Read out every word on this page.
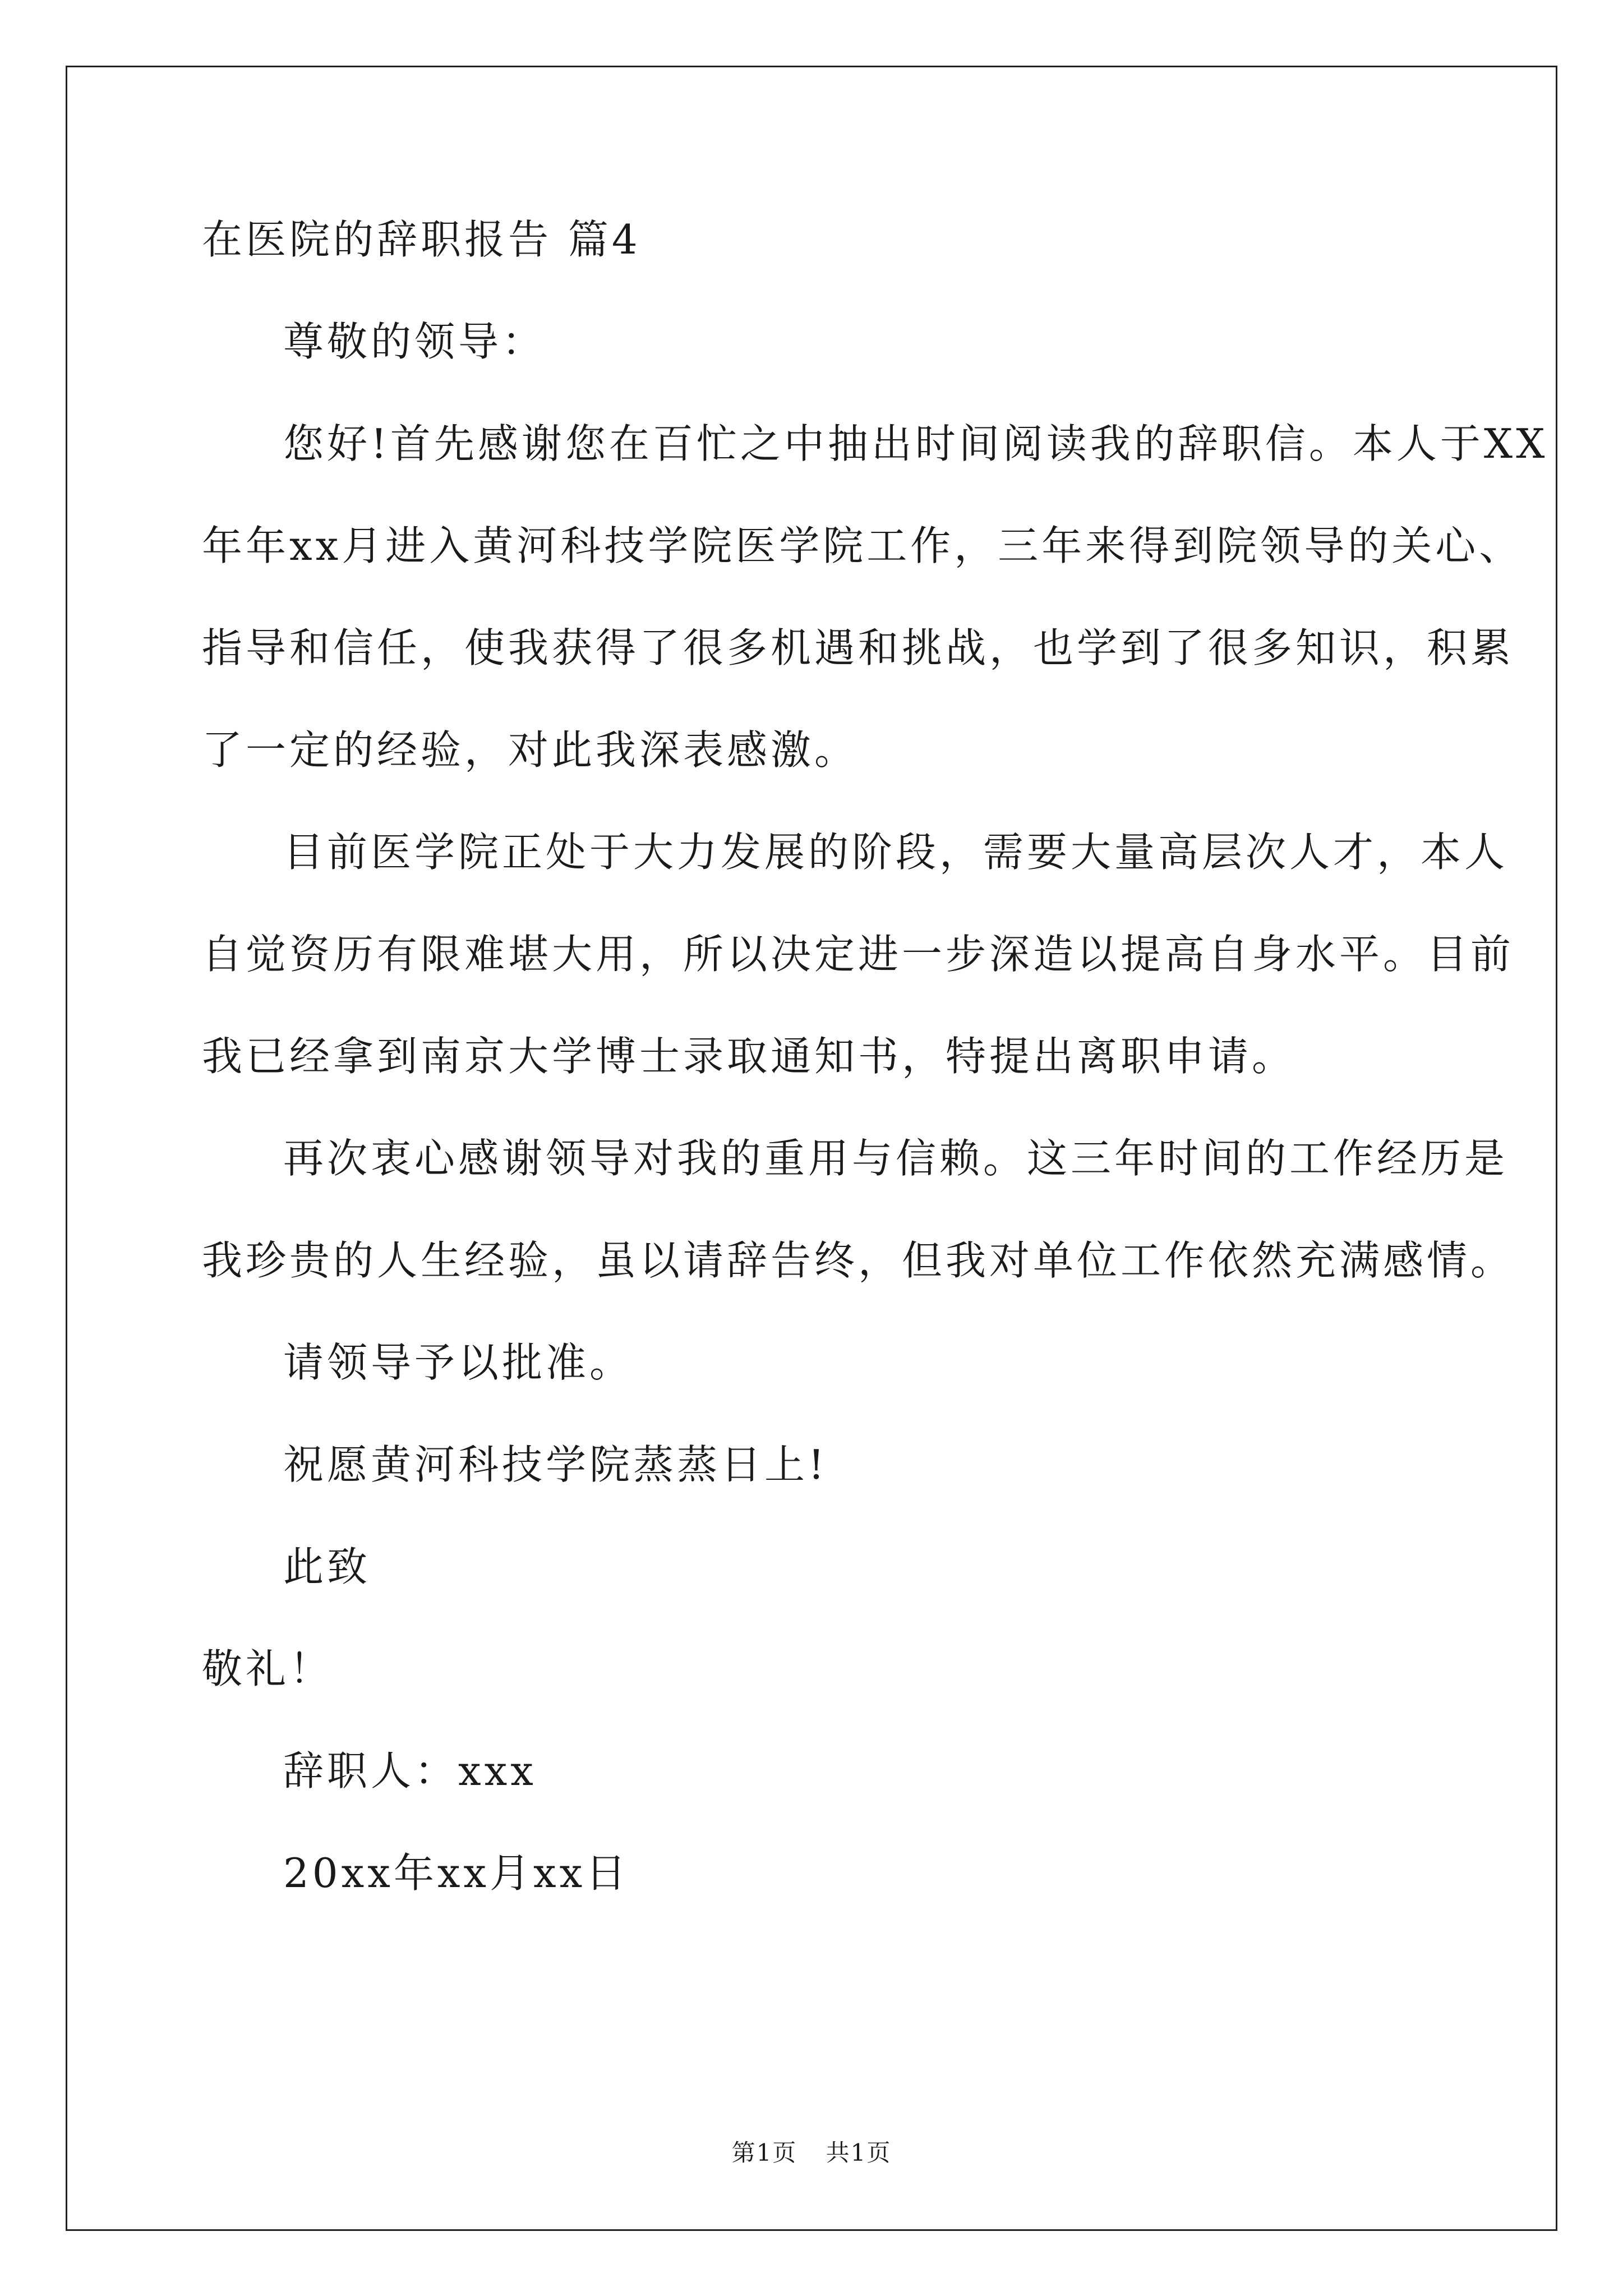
在医院的辞职报告 篇4

尊敬的领导：

您好!首先感谢您在百忙之中抽出时间阅读我的辞职信。本人于XX
年年xx月进入黄河科技学院医学院工作，三年来得到院领导的关心、
指导和信任，使我获得了很多机遇和挑战，也学到了很多知识，积累
了一定的经验，对此我深表感激。

目前医学院正处于大力发展的阶段，需要大量高层次人才，本人
自觉资历有限难堪大用，所以决定进一步深造以提高自身水平。目前
我已经拿到南京大学博士录取通知书，特提出离职申请。

再次衷心感谢领导对我的重用与信赖。这三年时间的工作经历是
我珍贵的人生经验，虽以请辞告终，但我对单位工作依然充满感情。

请领导予以批准。

祝愿黄河科技学院蒸蒸日上!

此致

敬礼！

辞职人：xxx

20xx年xx月xx日

第1页 共1页
